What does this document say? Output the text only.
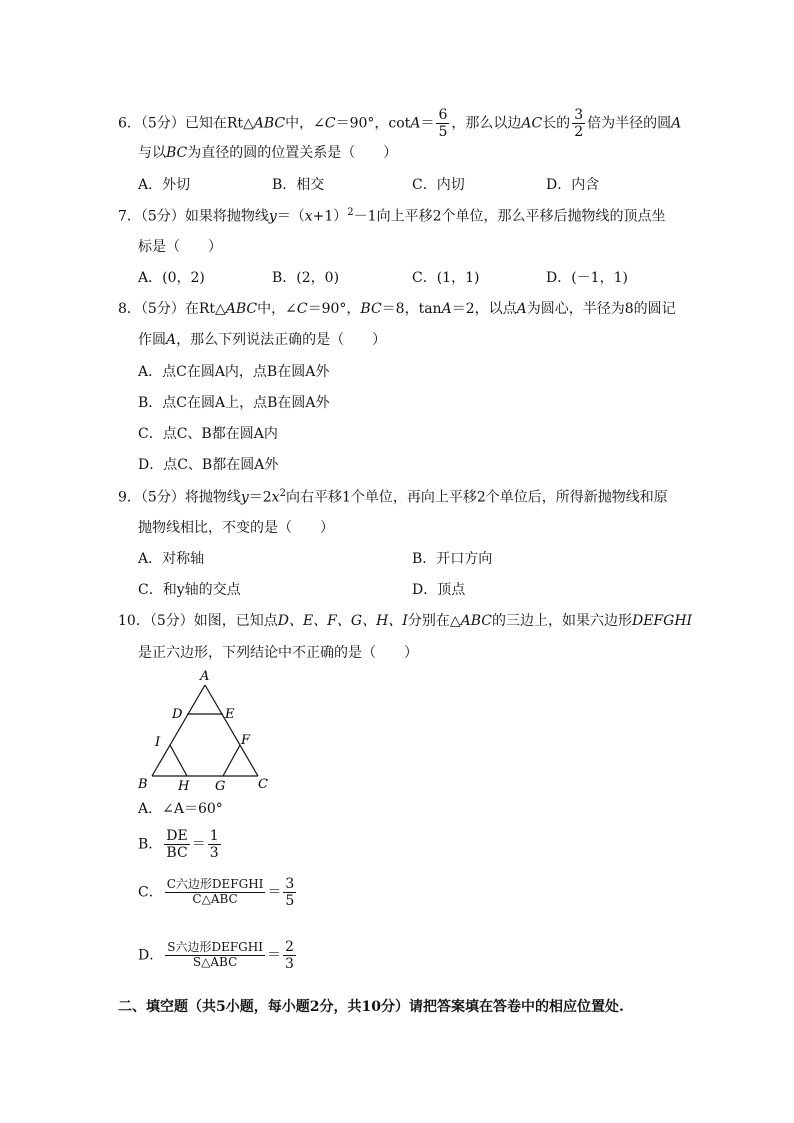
6．（5分）已知在Rt△ABC中，∠C＝90°，$\cot A= \frac{6}{5}$ ，那么以边AC长的 $\frac{3}{2}$ 倍为半径的圆A
与以BC为直径的圆的位置关系是（　　）
A．外切	B．相交	C．内切	D．内含
7．（5分）如果将抛物线$y=(x+1)^2-1$向上平移2个单位，那么平移后抛物线的顶点坐
标是（　　）
A．(0，2)	B．(2，0)	C．(1，1)	D．(－1，1)
8．（5分）在Rt△ABC中，∠C＝90°，BC＝8，tanA＝2，以点A为圆心，半径为8的圆记
作圆A，那么下列说法正确的是（　　）
A．点C在圆A内，点B在圆A外
B．点C在圆A上，点B在圆A外
C．点C、B都在圆A内
D．点C、B都在圆A外
9．（5分）将抛物线$y=2x^2$向右平移1个单位，再向上平移2个单位后，所得新抛物线和原
抛物线相比，不变的是（　　）
A．对称轴	B．开口方向
C．和y轴的交点	D．顶点
10．（5分）如图，已知点D、E、F、G、H、I分别在△ABC的三边上，如果六边形DEFGHI
是正六边形，下列结论中不正确的是（　　）
A
D	E
I	F
B H G	C
A．∠A＝60°
B． $\frac{DE}{BC} = \frac{1}{3}$
C． $\frac{\text{C六边形DEFGHI}}{\text{C△ABC}} = \frac{3}{5}$
D． $\frac{\text{S六边形DEFGHI}}{\text{S△ABC}} = \frac{2}{3}$
二、填空题（共5小题，每小题2分，共10分）请把答案填在答卷中的相应位置处.
